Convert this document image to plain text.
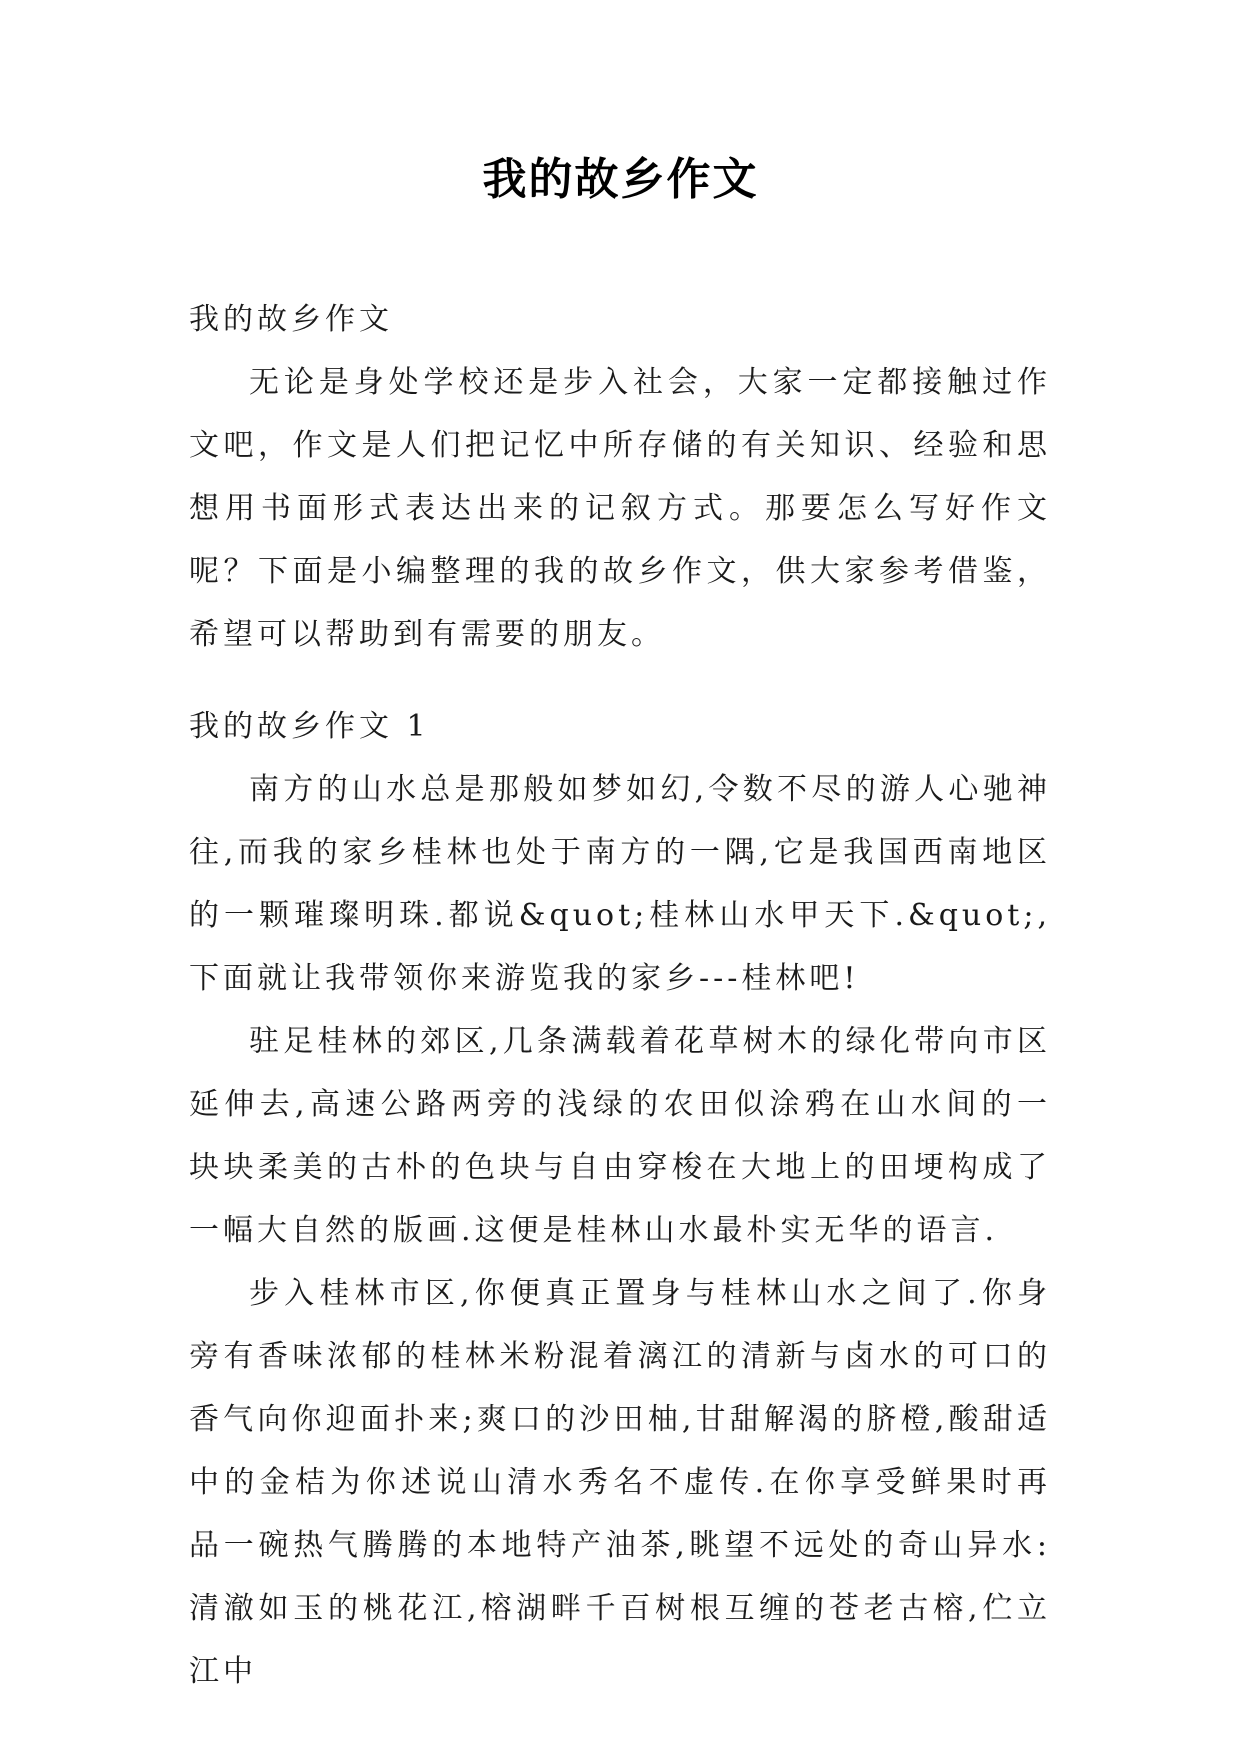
我的故乡作文

我的故乡作文

无论是身处学校还是步入社会，大家一定都接触过作文吧，作文是人们把记忆中所存储的有关知识、经验和思想用书面形式表达出来的记叙方式。那要怎么写好作文呢？下面是小编整理的我的故乡作文，供大家参考借鉴，希望可以帮助到有需要的朋友。

我的故乡作文 1

南方的山水总是那般如梦如幻,令数不尽的游人心驰神往,而我的家乡桂林也处于南方的一隅,它是我国西南地区的一颗璀璨明珠.都说&quot;桂林山水甲天下.&quot;,下面就让我带领你来游览我的家乡---桂林吧!

驻足桂林的郊区,几条满载着花草树木的绿化带向市区延伸去,高速公路两旁的浅绿的农田似涂鸦在山水间的一块块柔美的古朴的色块与自由穿梭在大地上的田埂构成了一幅大自然的版画.这便是桂林山水最朴实无华的语言.

步入桂林市区,你便真正置身与桂林山水之间了.你身旁有香味浓郁的桂林米粉混着漓江的清新与卤水的可口的香气向你迎面扑来;爽口的沙田柚,甘甜解渴的脐橙,酸甜适中的金桔为你述说山清水秀名不虚传.在你享受鲜果时再品一碗热气腾腾的本地特产油茶,眺望不远处的奇山异水:清澈如玉的桃花江,榕湖畔千百树根互缠的苍老古榕,伫立江中
